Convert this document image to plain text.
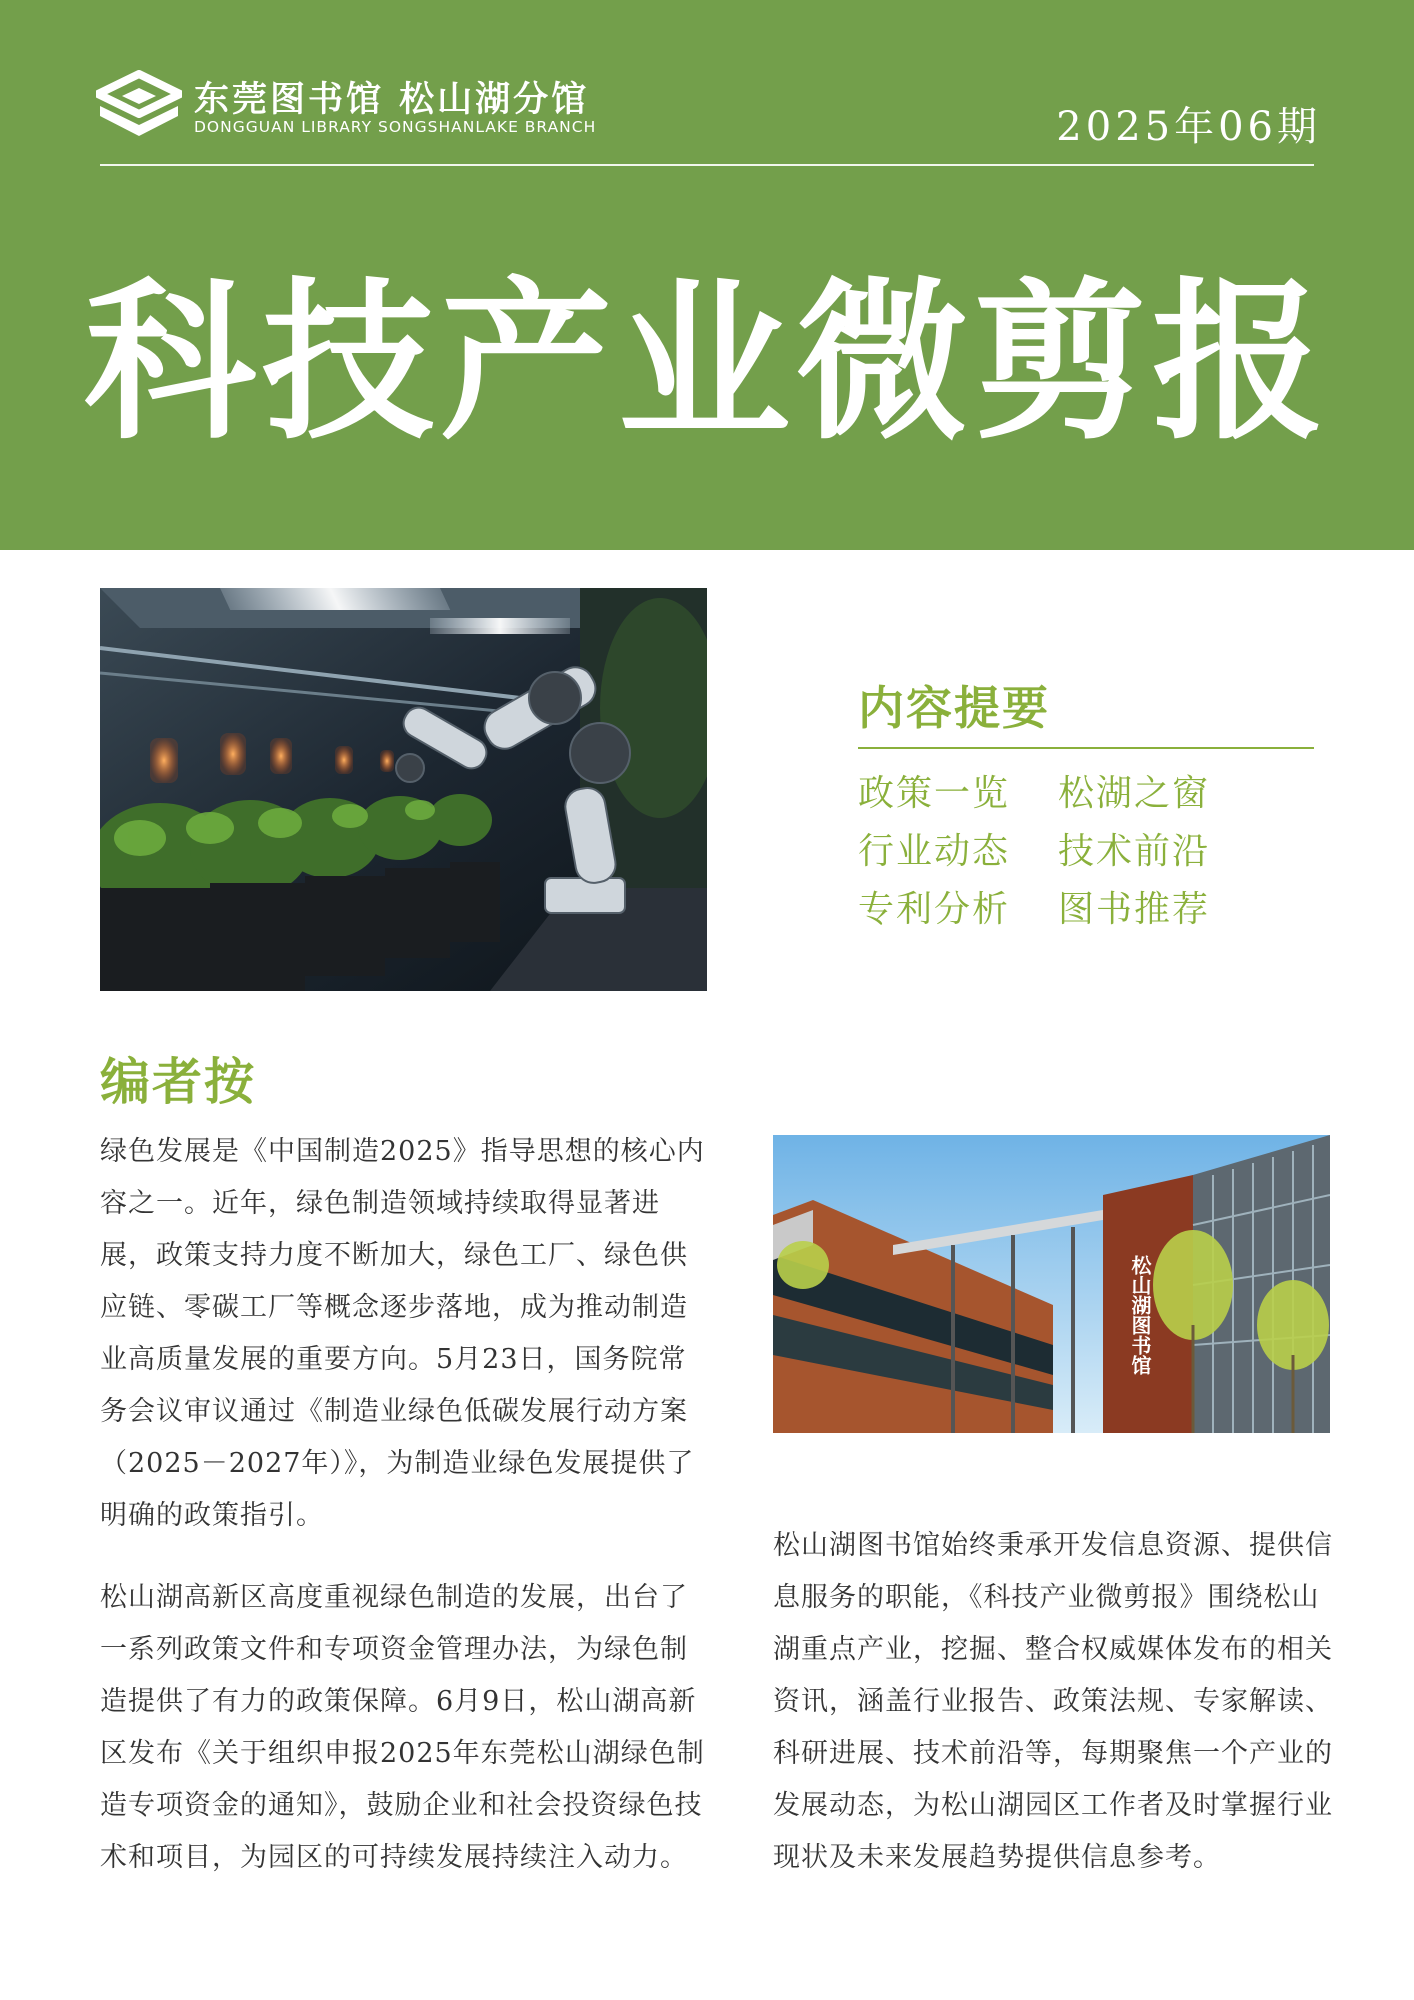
东莞图书馆 松山湖分馆
DONGGUAN LIBRARY SONGSHANLAKE BRANCH	2025年06期
科技产业微剪报
内容提要
政策一览	松湖之窗
行业动态	技术前沿
专利分析	图书推荐
编者按
绿色发展是《中国制造2025》指导思想的核心内容之一。近年，绿色制造领域持续取得显著进展，政策支持力度不断加大，绿色工厂、绿色供应链、零碳工厂等概念逐步落地，成为推动制造业高质量发展的重要方向。5月23日，国务院常务会议审议通过《制造业绿色低碳发展行动方案（2025－2027年）》，为制造业绿色发展提供了明确的政策指引。
松山湖高新区高度重视绿色制造的发展，出台了一系列政策文件和专项资金管理办法，为绿色制造提供了有力的政策保障。6月9日，松山湖高新区发布《关于组织申报2025年东莞松山湖绿色制造专项资金的通知》，鼓励企业和社会投资绿色技术和项目，为园区的可持续发展持续注入动力。
松山湖图书馆
松山湖图书馆始终秉承开发信息资源、提供信息服务的职能，《科技产业微剪报》围绕松山湖重点产业，挖掘、整合权威媒体发布的相关资讯，涵盖行业报告、政策法规、专家解读、科研进展、技术前沿等，每期聚焦一个产业的发展动态，为松山湖园区工作者及时掌握行业现状及未来发展趋势提供信息参考。
